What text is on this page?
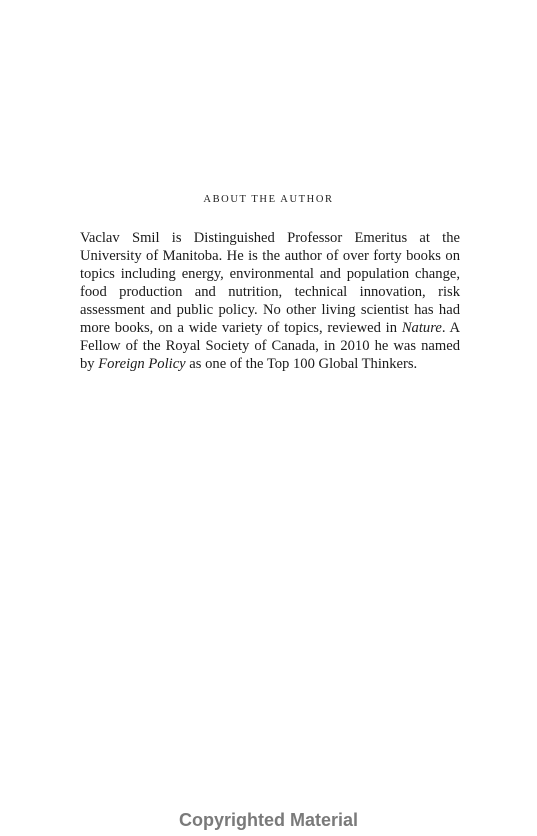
ABOUT THE AUTHOR

Vaclav Smil is Distinguished Professor Emeritus at the University of Manitoba. He is the author of over forty books on topics including energy, environmental and population change, food production and nutrition, technical innovation, risk assessment and public policy. No other living scientist has had more books, on a wide variety of topics, reviewed in Nature. A Fellow of the Royal Society of Canada, in 2010 he was named by Foreign Policy as one of the Top 100 Global Thinkers.

Copyrighted Material
